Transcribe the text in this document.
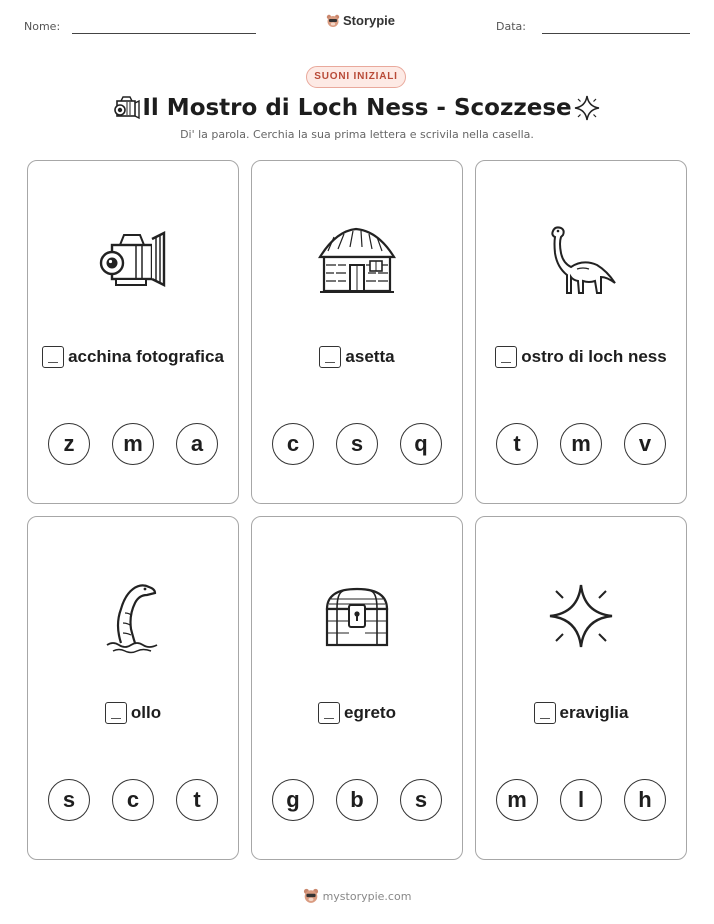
Nome:	Storypie	Data:
SUONI INIZIALI
Il Mostro di Loch Ness - Scozzese
Di' la parola. Cerchia la sua prima lettera e scrivila nella casella.
acchina fotografica
z	m	a
asetta
c	s	q
ostro di loch ness
t	m	v
ollo
s	c	t
egreto
g	b	s
eraviglia
m	l	h
mystorypie.com
